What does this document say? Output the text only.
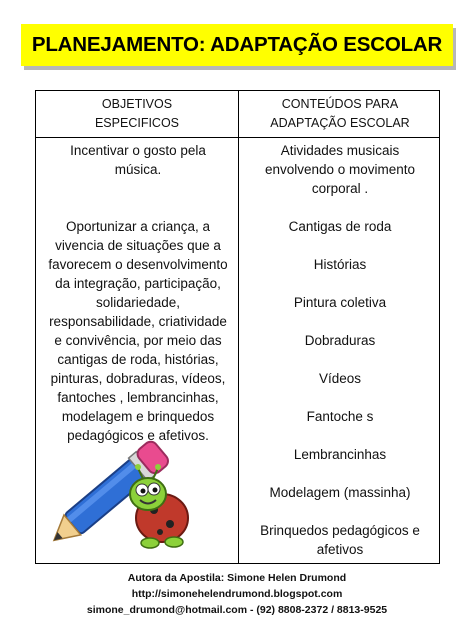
PLANEJAMENTO: ADAPTAÇÃO ESCOLAR
OBJETIVOS
ESPECIFICOS
CONTEÚDOS PARA
ADAPTAÇÃO ESCOLAR
Incentivar o gosto pela
música.
Oportunizar a criança, a
vivencia de situações que a
favorecem o desenvolvimento
da integração, participação,
solidariedade,
responsabilidade, criatividade
e convivência, por meio das
cantigas de roda, histórias,
pinturas, dobraduras, vídeos,
fantoches , lembrancinhas,
modelagem e brinquedos
pedagógicos e afetivos.
Atividades musicais
envolvendo o movimento
corporal .
Cantigas de roda
Histórias
Pintura coletiva
Dobraduras
Vídeos
Fantoche s
Lembrancinhas
Modelagem (massinha)
Brinquedos pedagógicos e
afetivos
Autora da Apostila: Simone Helen Drumond
http://simonehelendrumond.blogspot.com
simone_drumond@hotmail.com - (92) 8808-2372 / 8813-9525
